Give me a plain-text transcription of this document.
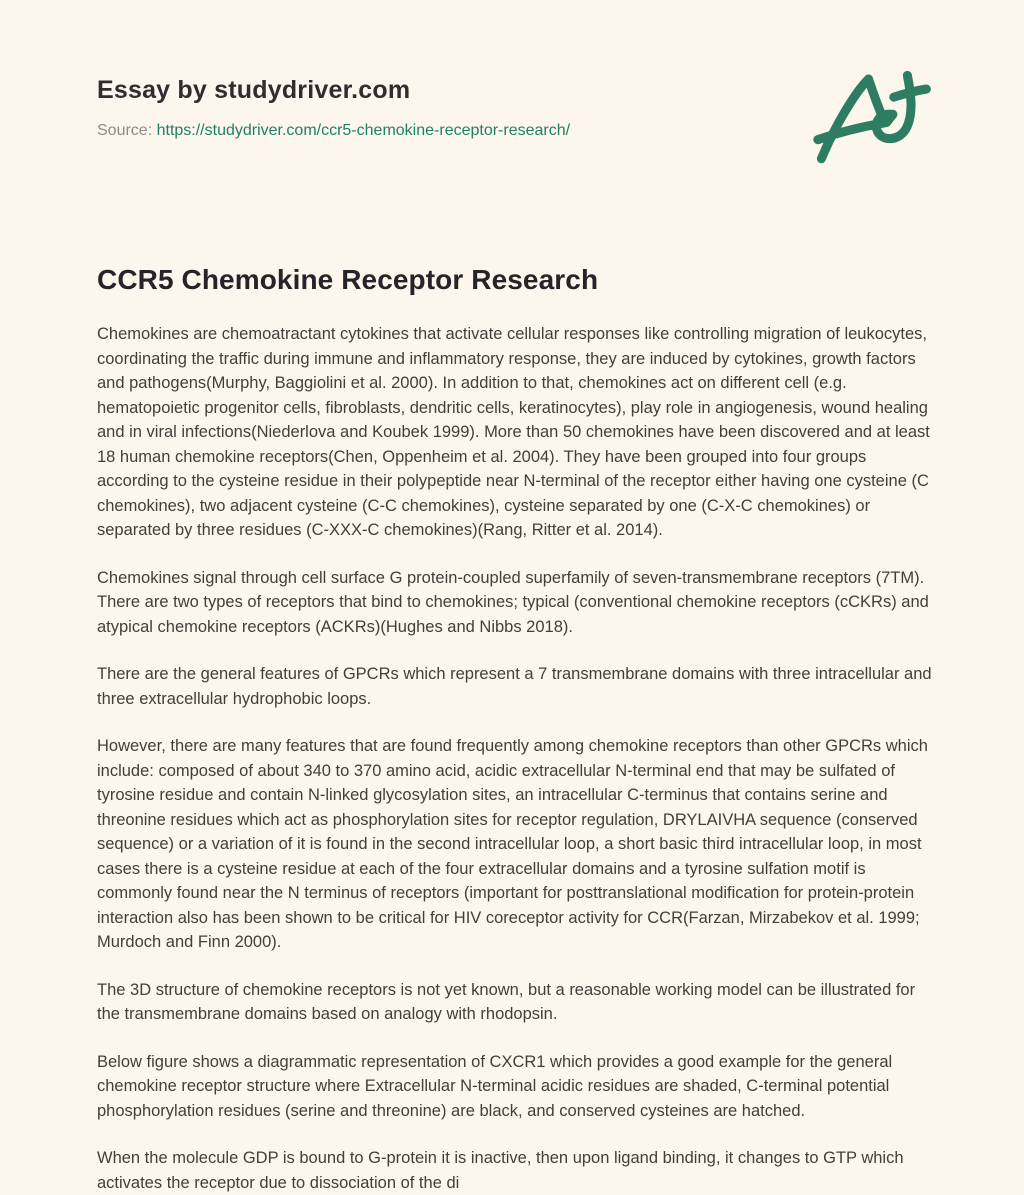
Essay by studydriver.com
Source: https://studydriver.com/ccr5-chemokine-receptor-research/
CCR5 Chemokine Receptor Research

Chemokines are chemoatractant cytokines that activate cellular responses like controlling migration of leukocytes, coordinating the traffic during immune and inflammatory response, they are induced by cytokines, growth factors and pathogens(Murphy, Baggiolini et al. 2000). In addition to that, chemokines act on different cell (e.g. hematopoietic progenitor cells, fibroblasts, dendritic cells, keratinocytes), play role in angiogenesis, wound healing and in viral infections(Niederlova and Koubek 1999). More than 50 chemokines have been discovered and at least 18 human chemokine receptors(Chen, Oppenheim et al. 2004). They have been grouped into four groups according to the cysteine residue in their polypeptide near N-terminal of the receptor either having one cysteine (C chemokines), two adjacent cysteine (C-C chemokines), cysteine separated by one (C-X-C chemokines) or separated by three residues (C-XXX-C chemokines)(Rang, Ritter et al. 2014).

Chemokines signal through cell surface G protein-coupled superfamily of seven-transmembrane receptors (7TM). There are two types of receptors that bind to chemokines; typical (conventional chemokine receptors (cCKRs) and atypical chemokine receptors (ACKRs)(Hughes and Nibbs 2018).

There are the general features of GPCRs which represent a 7 transmembrane domains with three intracellular and three extracellular hydrophobic loops.

However, there are many features that are found frequently among chemokine receptors than other GPCRs which include: composed of about 340 to 370 amino acid, acidic extracellular N-terminal end that may be sulfated of tyrosine residue and contain N-linked glycosylation sites, an intracellular C-terminus that contains serine and threonine residues which act as phosphorylation sites for receptor regulation, DRYLAIVHA sequence (conserved sequence) or a variation of it is found in the second intracellular loop, a short basic third intracellular loop, in most cases there is a cysteine residue at each of the four extracellular domains and a tyrosine sulfation motif is commonly found near the N terminus of receptors (important for posttranslational modification for protein-protein interaction also has been shown to be critical for HIV coreceptor activity for CCR(Farzan, Mirzabekov et al. 1999; Murdoch and Finn 2000).

The 3D structure of chemokine receptors is not yet known, but a reasonable working model can be illustrated for the transmembrane domains based on analogy with rhodopsin.

Below figure shows a diagrammatic representation of CXCR1 which provides a good example for the general chemokine receptor structure where Extracellular N-terminal acidic residues are shaded, C-terminal potential phosphorylation residues (serine and threonine) are black, and conserved cysteines are hatched.

When the molecule GDP is bound to G-protein it is inactive, then upon ligand binding, it changes to GTP which activates the receptor due to dissociation of the di
